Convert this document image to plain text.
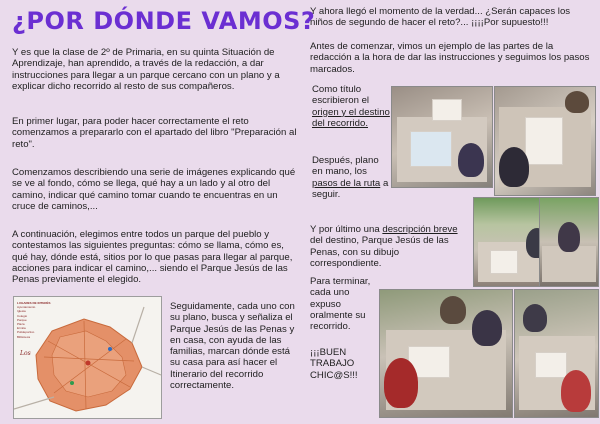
¿POR DÓNDE VAMOS?

Y es que la clase de 2º de Primaria, en su quinta Situación de Aprendizaje, han aprendido, a través de la redacción, a dar instrucciones para llegar a un parque cercano con un plano y a explicar dicho recorrido al resto de sus compañeros.

En primer lugar, para poder hacer correctamente el reto comenzamos a prepararlo con el apartado del libro "Preparación al reto".

Comenzamos describiendo una serie de imágenes explicando qué se ve al fondo, cómo se llega, qué hay a un lado y al otro del camino, indicar qué camino tomar cuando te encuentras en un cruce de caminos,...

A continuación, elegimos entre todos un parque del pueblo y contestamos las siguientes preguntas: cómo se llama, cómo es, qué hay, dónde está, sitios por lo que pasas para llegar al parque, acciones para indicar el camino,... siendo el Parque Jesús de las Penas previamente el elegido.

Los
LUGARES DE INTERÉS
Ayuntamiento
Iglesia
Colegio
Parque
Plaza
Ermita
Polideportivo
Biblioteca

Seguidamente, cada uno con su plano, busca y señaliza el Parque Jesús de las Penas y en casa, con ayuda de las familias, marcan dónde está su casa para así hacer el Itinerario del recorrido correctamente.

Y ahora llegó el momento de la verdad... ¿Serán capaces los niños de segundo de hacer el reto?... ¡¡¡¡Por supuesto!!!

Antes de comenzar, vimos un ejemplo de las partes de la redacción a la hora de dar las instrucciones y seguimos los pasos marcados.

Como título escribieron el origen y el destino del recorrido.

Después, plano en mano, los pasos de la ruta a seguir.

Y por último una descripción breve del destino, Parque Jesús de las Penas, con su dibujo correspondiente.

Para terminar, cada uno expuso oralmente su recorrido.

¡¡¡BUEN TRABAJO CHIC@S!!!
